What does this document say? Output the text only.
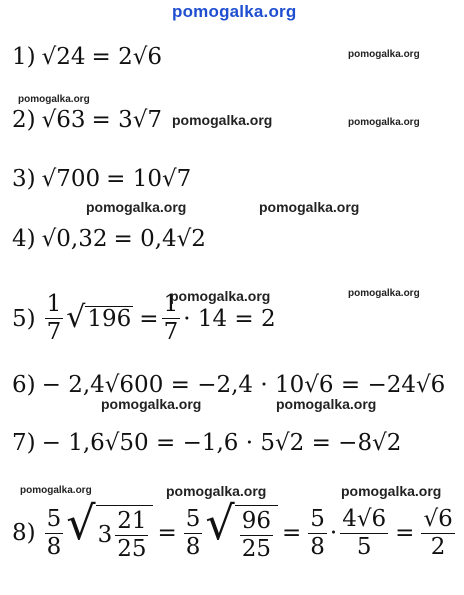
pomogalka.org
pomogalka.org
pomogalka.org
pomogalka.org	pomogalka.org
pomogalka.org	pomogalka.org
pomogalka.org	pomogalka.org
pomogalka.org	pomogalka.org
pomogalka.org	pomogalka.org	pomogalka.org
1) √24 = 2√6
2) √63 = 3√7
3) √700 = 10√7
4) √0,32 = 0,4√2
$5) \frac{1}{7}$ √ $196 = \frac{1}{7} \cdot 14 = 2$
6) − 2,4√600 = −2,4 · 10√6 = −24√6
7) − 1,6√50 = −1,6 · 5√2 = −8√2
$8) \frac{5}{8}$ √ $3 \frac{21}{25} = \frac{5}{8}$ √ $\frac{96}{25} = \frac{5}{8} \cdot \frac{4√6}{5} = \frac{√6}{2}$
